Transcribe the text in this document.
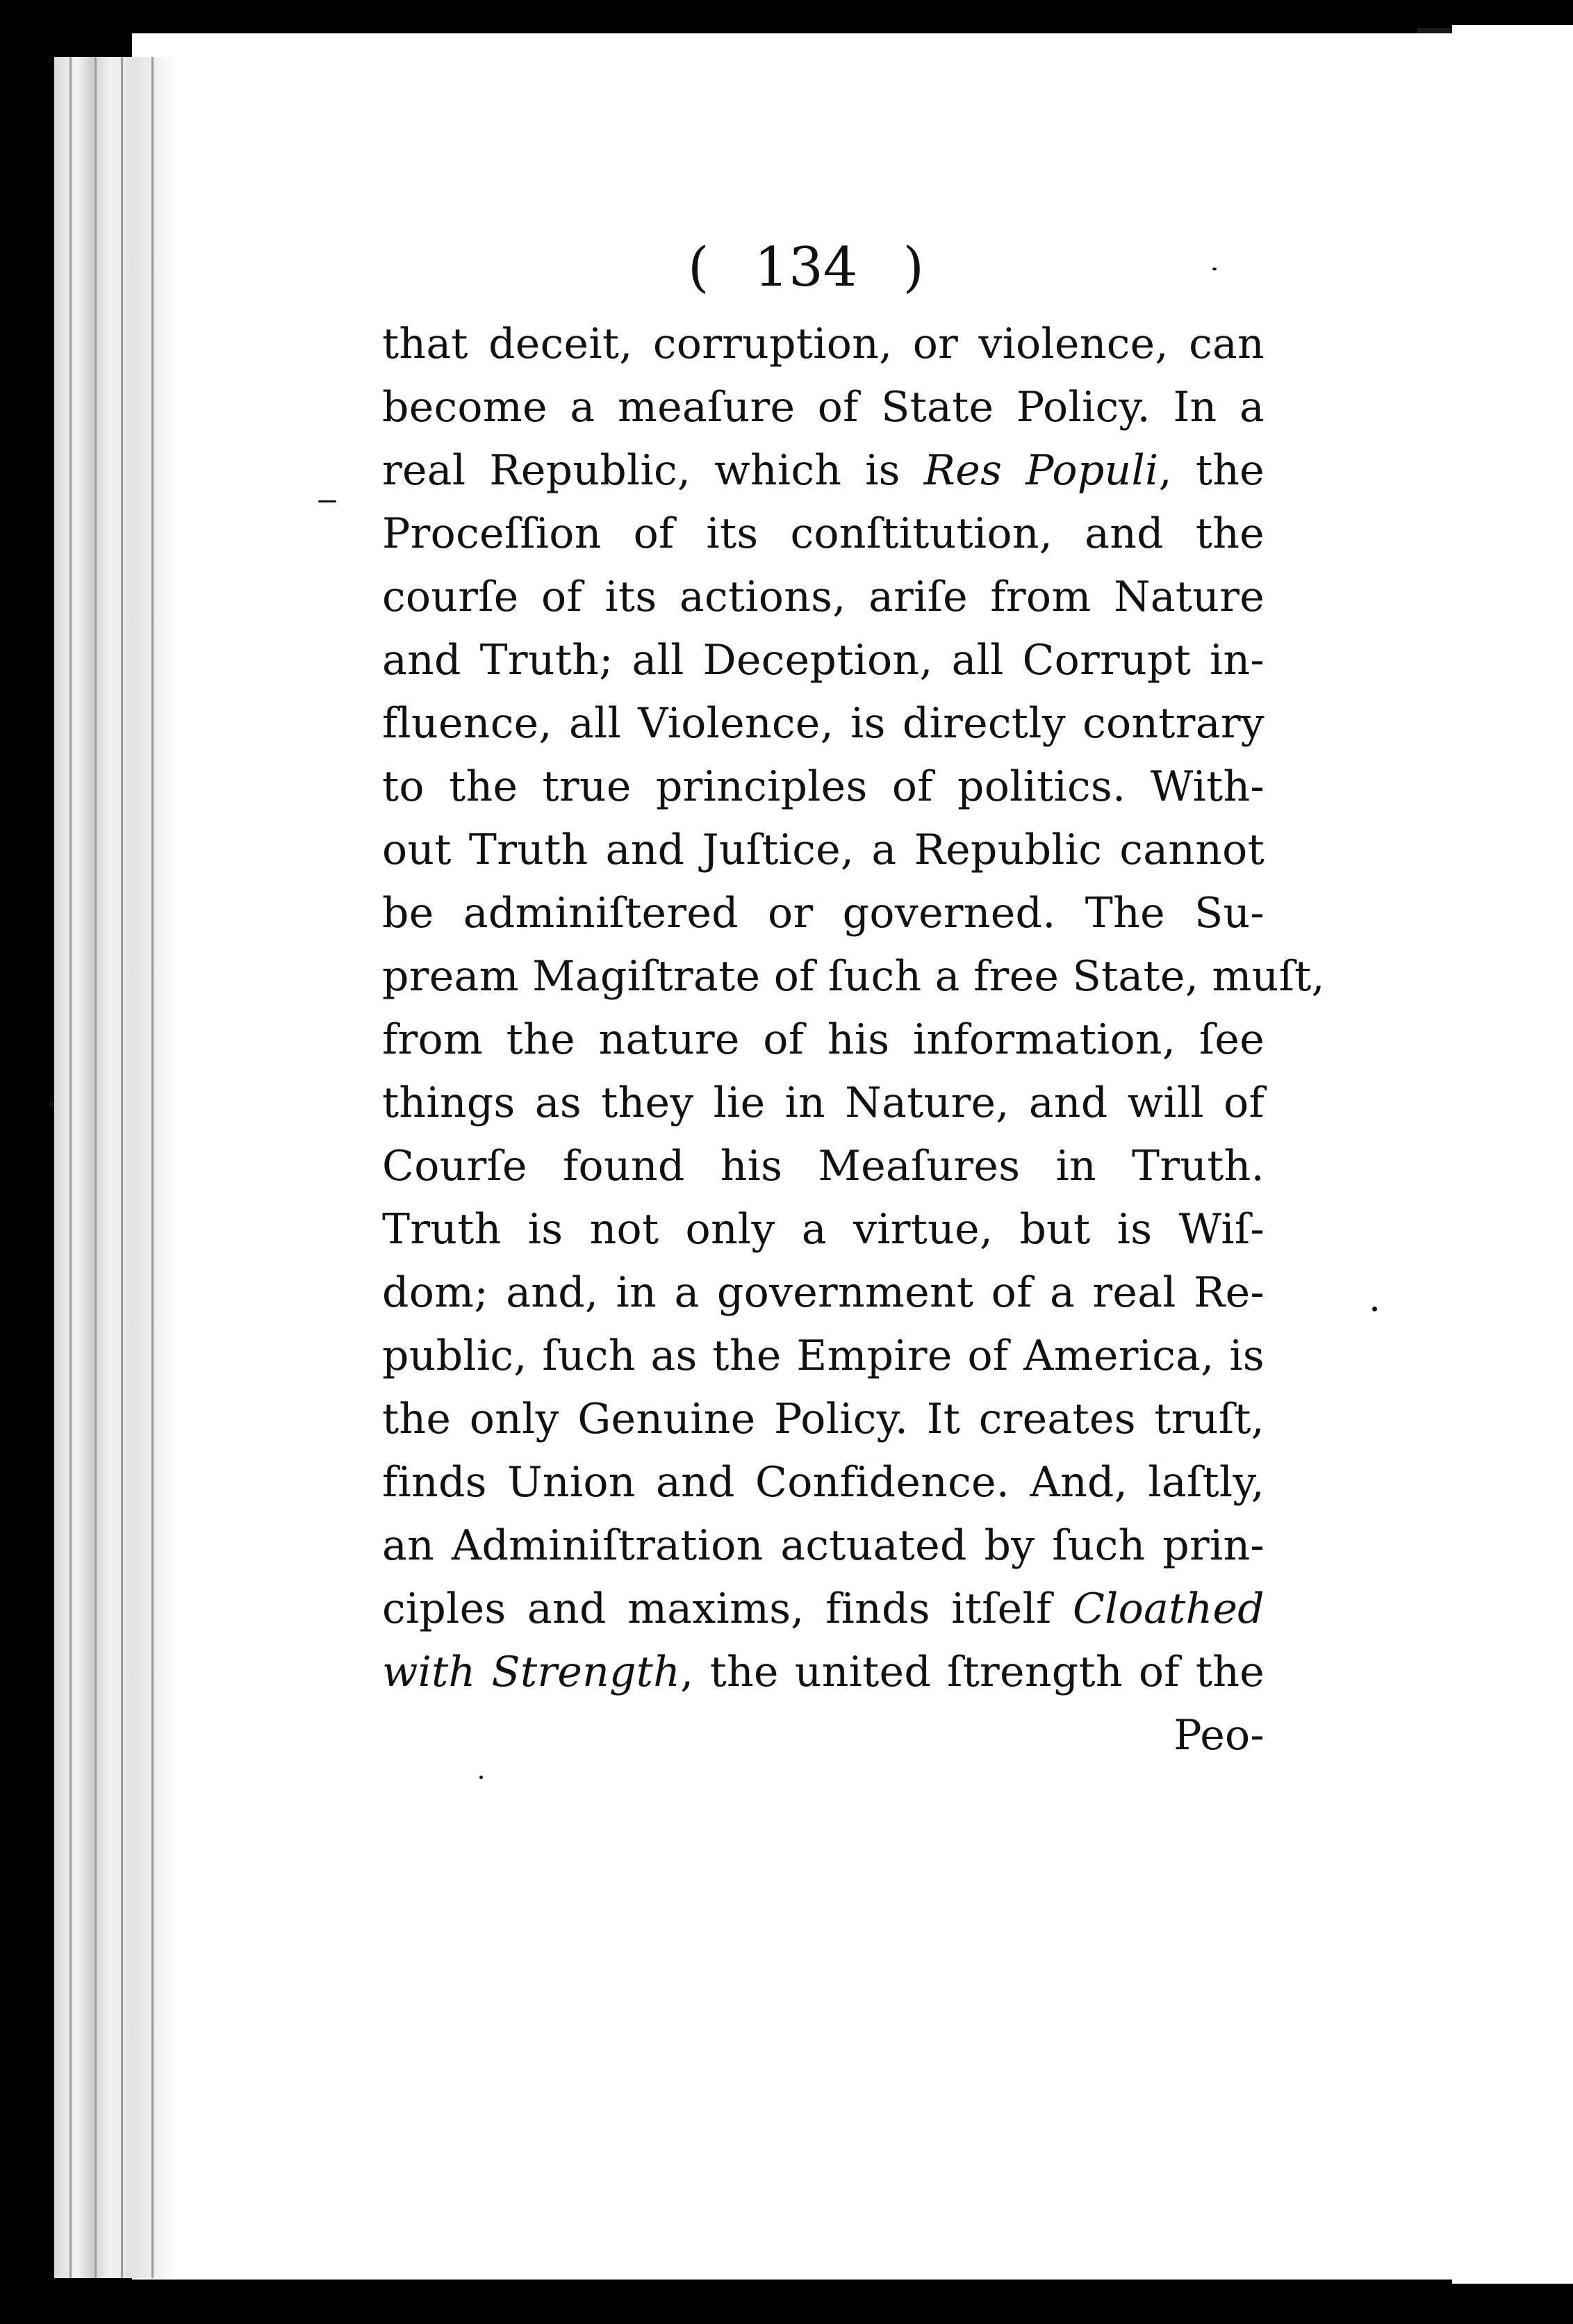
( 134 )
that deceit, corruption, or violence, can
become a meaſure of State Policy. In a
real Republic, which is Res Populi, the
Proceſſion of its conſtitution, and the
courſe of its actions, ariſe from Nature
and Truth; all Deception, all Corrupt in-
fluence, all Violence, is directly contrary
to the true principles of politics. With-
out Truth and Juſtice, a Republic cannot
be adminiſtered or governed. The Su-
pream Magiſtrate of ſuch a free State, muſt,
from the nature of his information, ſee
things as they lie in Nature, and will of
Courſe found his Meaſures in Truth.
Truth is not only a virtue, but is Wiſ-
dom; and, in a government of a real Re-
public, ſuch as the Empire of America, is
the only Genuine Policy. It creates truſt,
finds Union and Confidence. And, laſtly,
an Adminiſtration actuated by ſuch prin-
ciples and maxims, finds itſelf Cloathed
with Strength, the united ſtrength of the
Peo-
